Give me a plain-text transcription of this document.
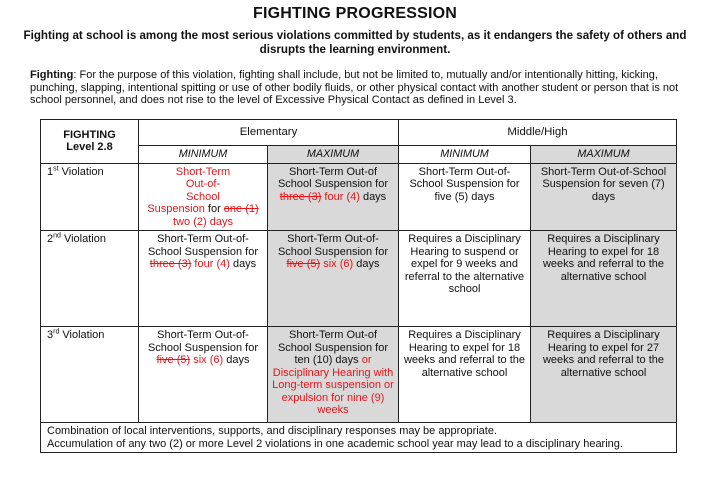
FIGHTING PROGRESSION
Fighting at school is among the most serious violations committed by students, as it endangers the safety of others and disrupts the learning environment.
Fighting: For the purpose of this violation, fighting shall include, but not be limited to, mutually and/or intentionally hitting, kicking, punching, slapping, intentional spitting or use of other bodily fluids, or other physical contact with another student or person that is not school personnel, and does not rise to the level of Excessive Physical Contact as defined in Level 3.
FIGHTING
Level 2.8	Elementary		Middle/High	
	MINIMUM	MAXIMUM	MINIMUM	MAXIMUM
1st Violation	Short-Term
Out-of-
School
Suspension for one (1)
two (2) days	Short-Term Out-of School Suspension for three (3) four (4) days	Short-Term Out-of- School Suspension for five (5) days	Short-Term Out-of-School Suspension for seven (7) days
2nd Violation	Short-Term Out-of- School Suspension for three (3) four (4) days	Short-Term Out-of- School Suspension for five (5) six (6) days	Requires a Disciplinary Hearing to suspend or expel for 9 weeks and referral to the alternative school	Requires a Disciplinary Hearing to expel for 18 weeks and referral to the alternative school
3rd Violation	Short-Term Out-of- School Suspension for five (5) six (6) days	Short-Term Out-of School Suspension for ten (10) days or Disciplinary Hearing with Long-term suspension or expulsion for nine (9) weeks	Requires a Disciplinary Hearing to expel for 18 weeks and referral to the alternative school	Requires a Disciplinary Hearing to expel for 27 weeks and referral to the alternative school
Combination of local interventions, supports, and disciplinary responses may be appropriate.
Accumulation of any two (2) or more Level 2 violations in one academic school year may lead to a disciplinary hearing.				
